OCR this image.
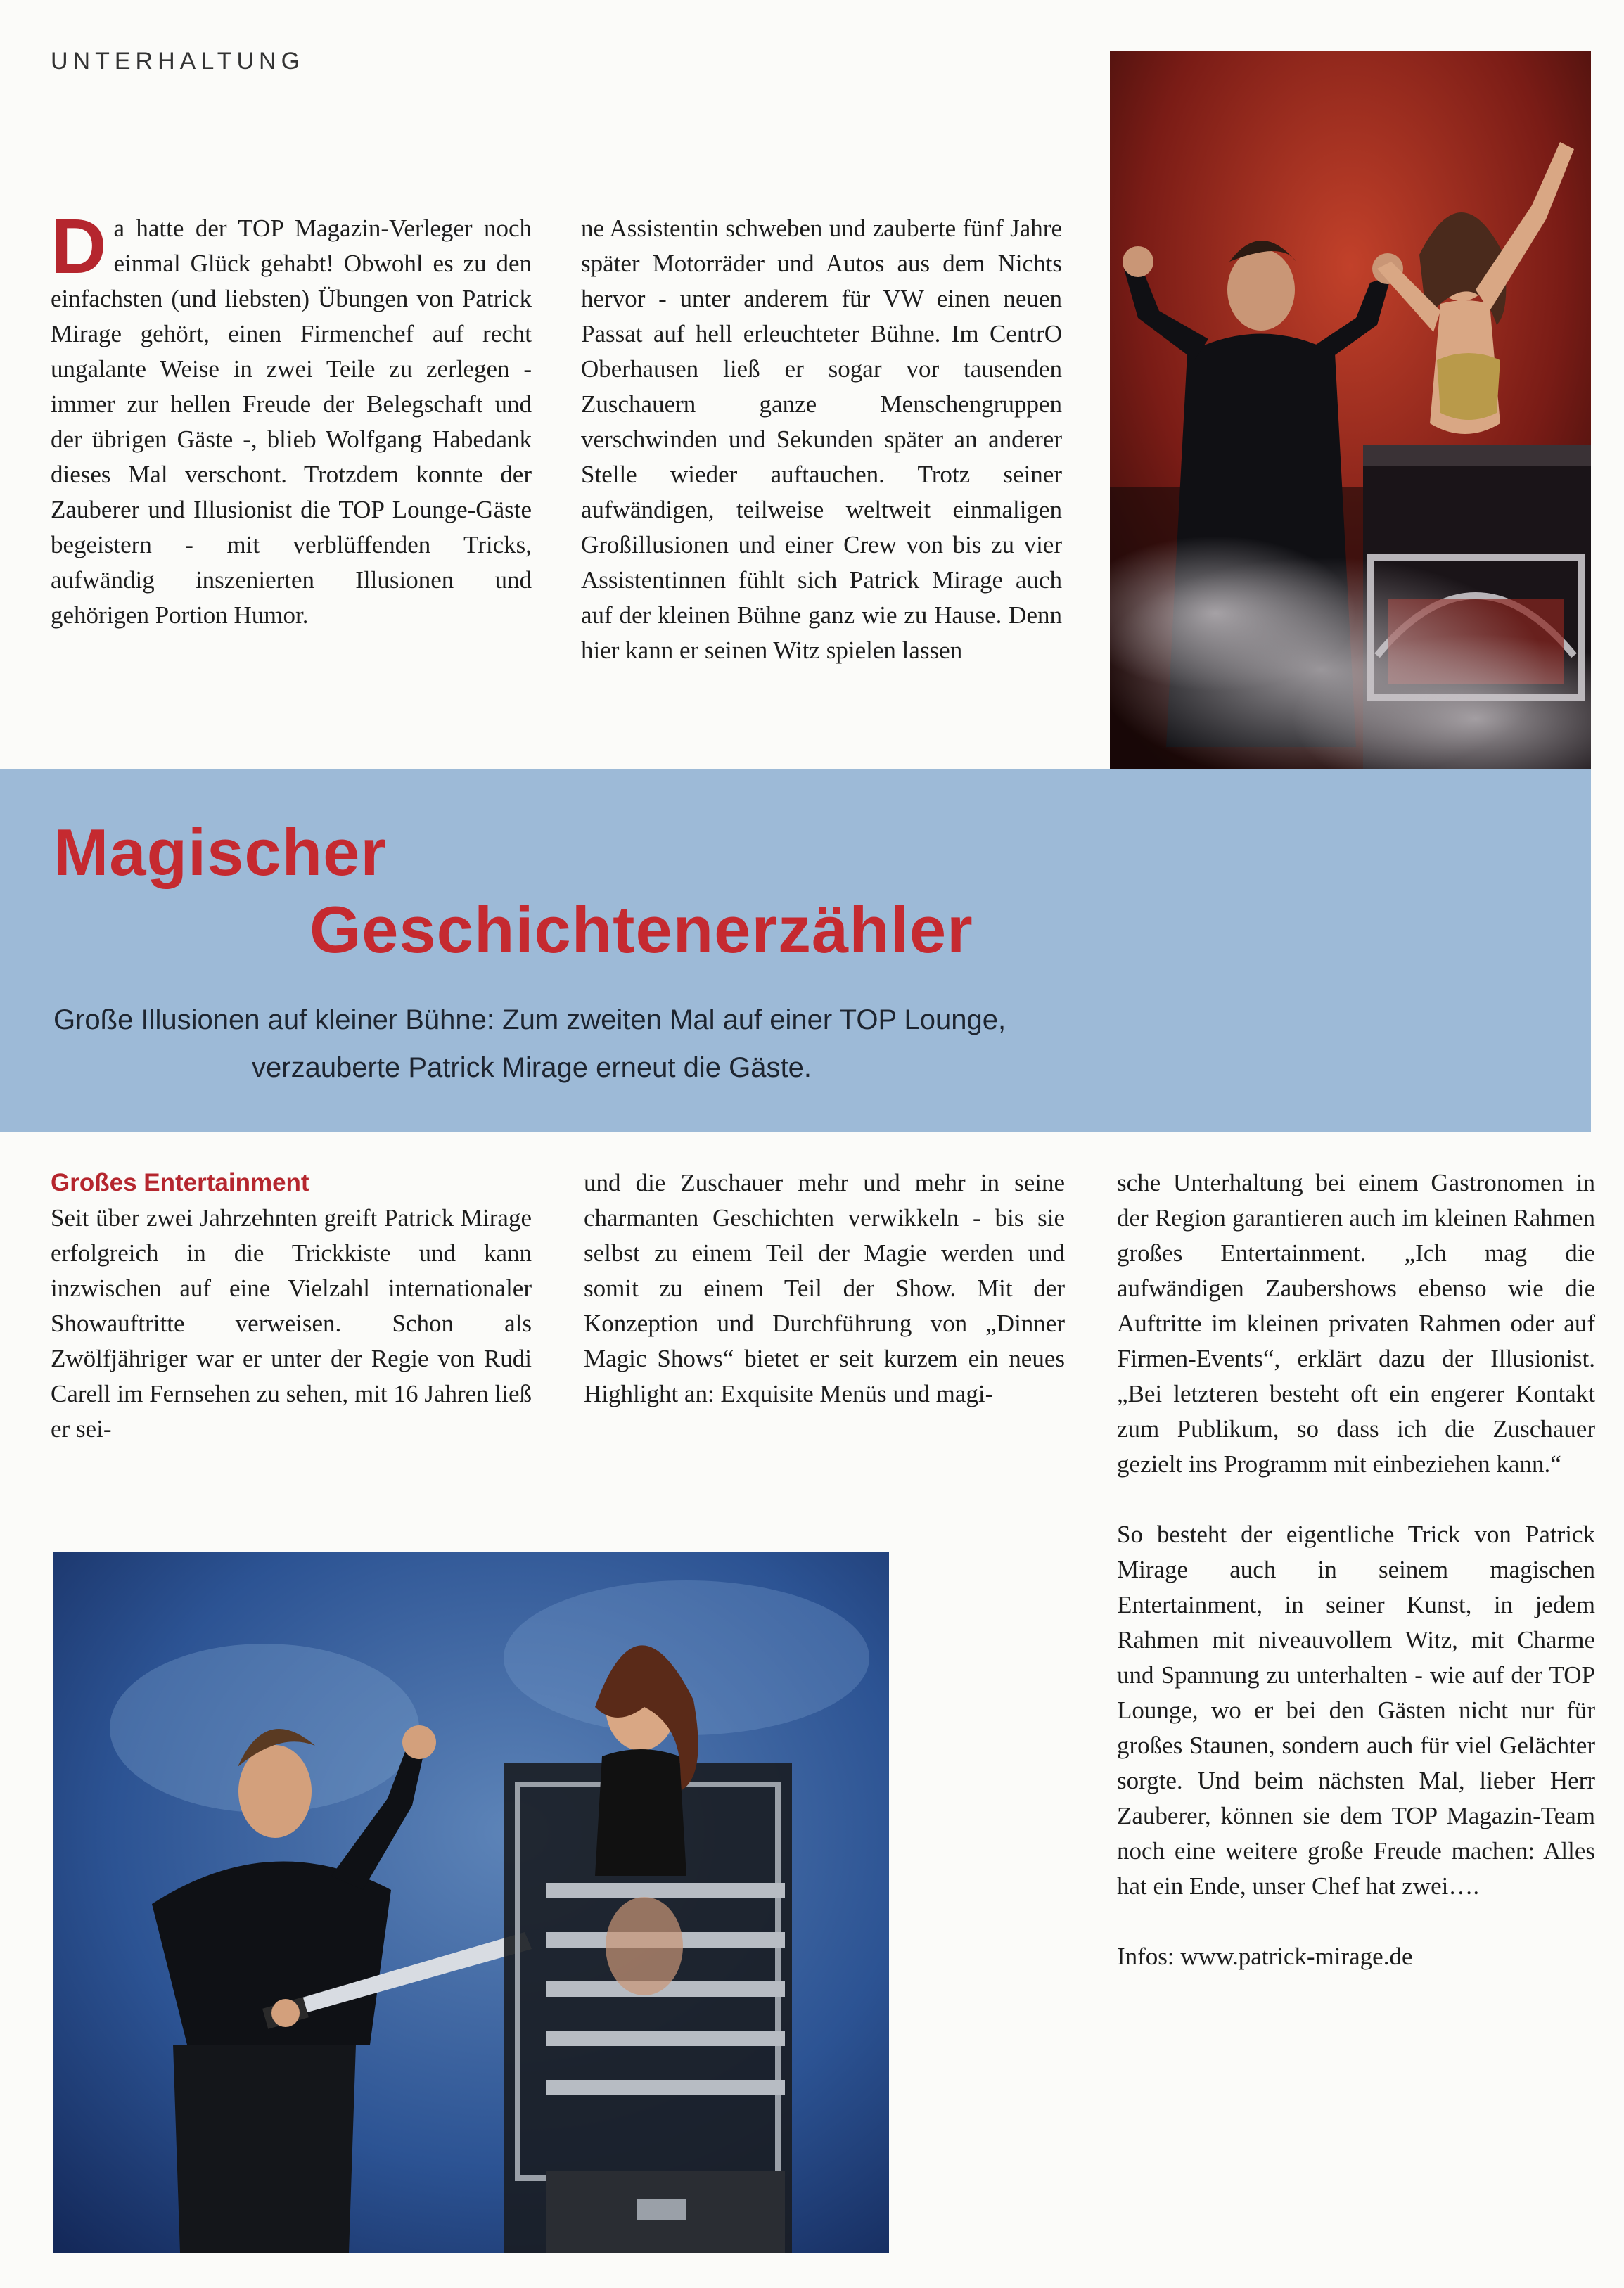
UNTERHALTUNG
Da hatte der TOP Magazin-Verleger noch einmal Glück gehabt! Obwohl es zu den einfachsten (und liebsten) Übungen von Patrick Mirage gehört, einen Firmenchef auf recht ungalante Weise in zwei Teile zu zerlegen - immer zur hellen Freude der Belegschaft und der übrigen Gäste -, blieb Wolfgang Habedank dieses Mal verschont. Trotzdem konnte der Zauberer und Illusionist die TOP Lounge-Gäste begeistern - mit verblüffenden Tricks, aufwändig inszenierten Illusionen und gehörigen Portion Humor.
ne Assistentin schweben und zauberte fünf Jahre später Motorräder und Autos aus dem Nichts hervor - unter anderem für VW einen neuen Passat auf hell erleuchteter Bühne. Im CentrO Oberhausen ließ er sogar vor tausenden Zuschauern ganze Menschengruppen verschwinden und Sekunden später an anderer Stelle wieder auftauchen. Trotz seiner aufwändigen, teilweise weltweit einmaligen Großillusionen und einer Crew von bis zu vier Assistentinnen fühlt sich Patrick Mirage auch auf der kleinen Bühne ganz wie zu Hause. Denn hier kann er seinen Witz spielen lassen
Magischer
Geschichtenerzähler
Große Illusionen auf kleiner Bühne: Zum zweiten Mal auf einer TOP Lounge,
verzauberte Patrick Mirage erneut die Gäste.
Großes Entertainment
Seit über zwei Jahrzehnten greift Patrick Mirage erfolgreich in die Trickkiste und kann inzwischen auf eine Vielzahl internationaler Showauftritte verweisen. Schon als Zwölfjähriger war er unter der Regie von Rudi Carell im Fernsehen zu sehen, mit 16 Jahren ließ er sei-
und die Zuschauer mehr und mehr in seine charmanten Geschichten verwikkeln - bis sie selbst zu einem Teil der Magie werden und somit zu einem Teil der Show. Mit der Konzeption und Durchführung von „Dinner Magic Shows“ bietet er seit kurzem ein neues Highlight an: Exquisite Menüs und magi-

sche Unterhaltung bei einem Gastronomen in der Region garantieren auch im kleinen Rahmen großes Entertainment. „Ich mag die aufwändigen Zaubershows ebenso wie die Auftritte im kleinen privaten Rahmen oder auf Firmen-Events“, erklärt dazu der Illusionist. „Bei letzteren besteht oft ein engerer Kontakt zum Publikum, so dass ich die Zuschauer gezielt ins Programm mit einbeziehen kann.“

So besteht der eigentliche Trick von Patrick Mirage auch in seinem magischen Entertainment, in seiner Kunst, in jedem Rahmen mit niveauvollem Witz, mit Charme und Spannung zu unterhalten - wie auf der TOP Lounge, wo er bei den Gästen nicht nur für großes Staunen, sondern auch für viel Gelächter sorgte. Und beim nächsten Mal, lieber Herr Zauberer, können sie dem TOP Magazin-Team noch eine weitere große Freude machen: Alles hat ein Ende, unser Chef hat zwei….

Infos: www.patrick-mirage.de
